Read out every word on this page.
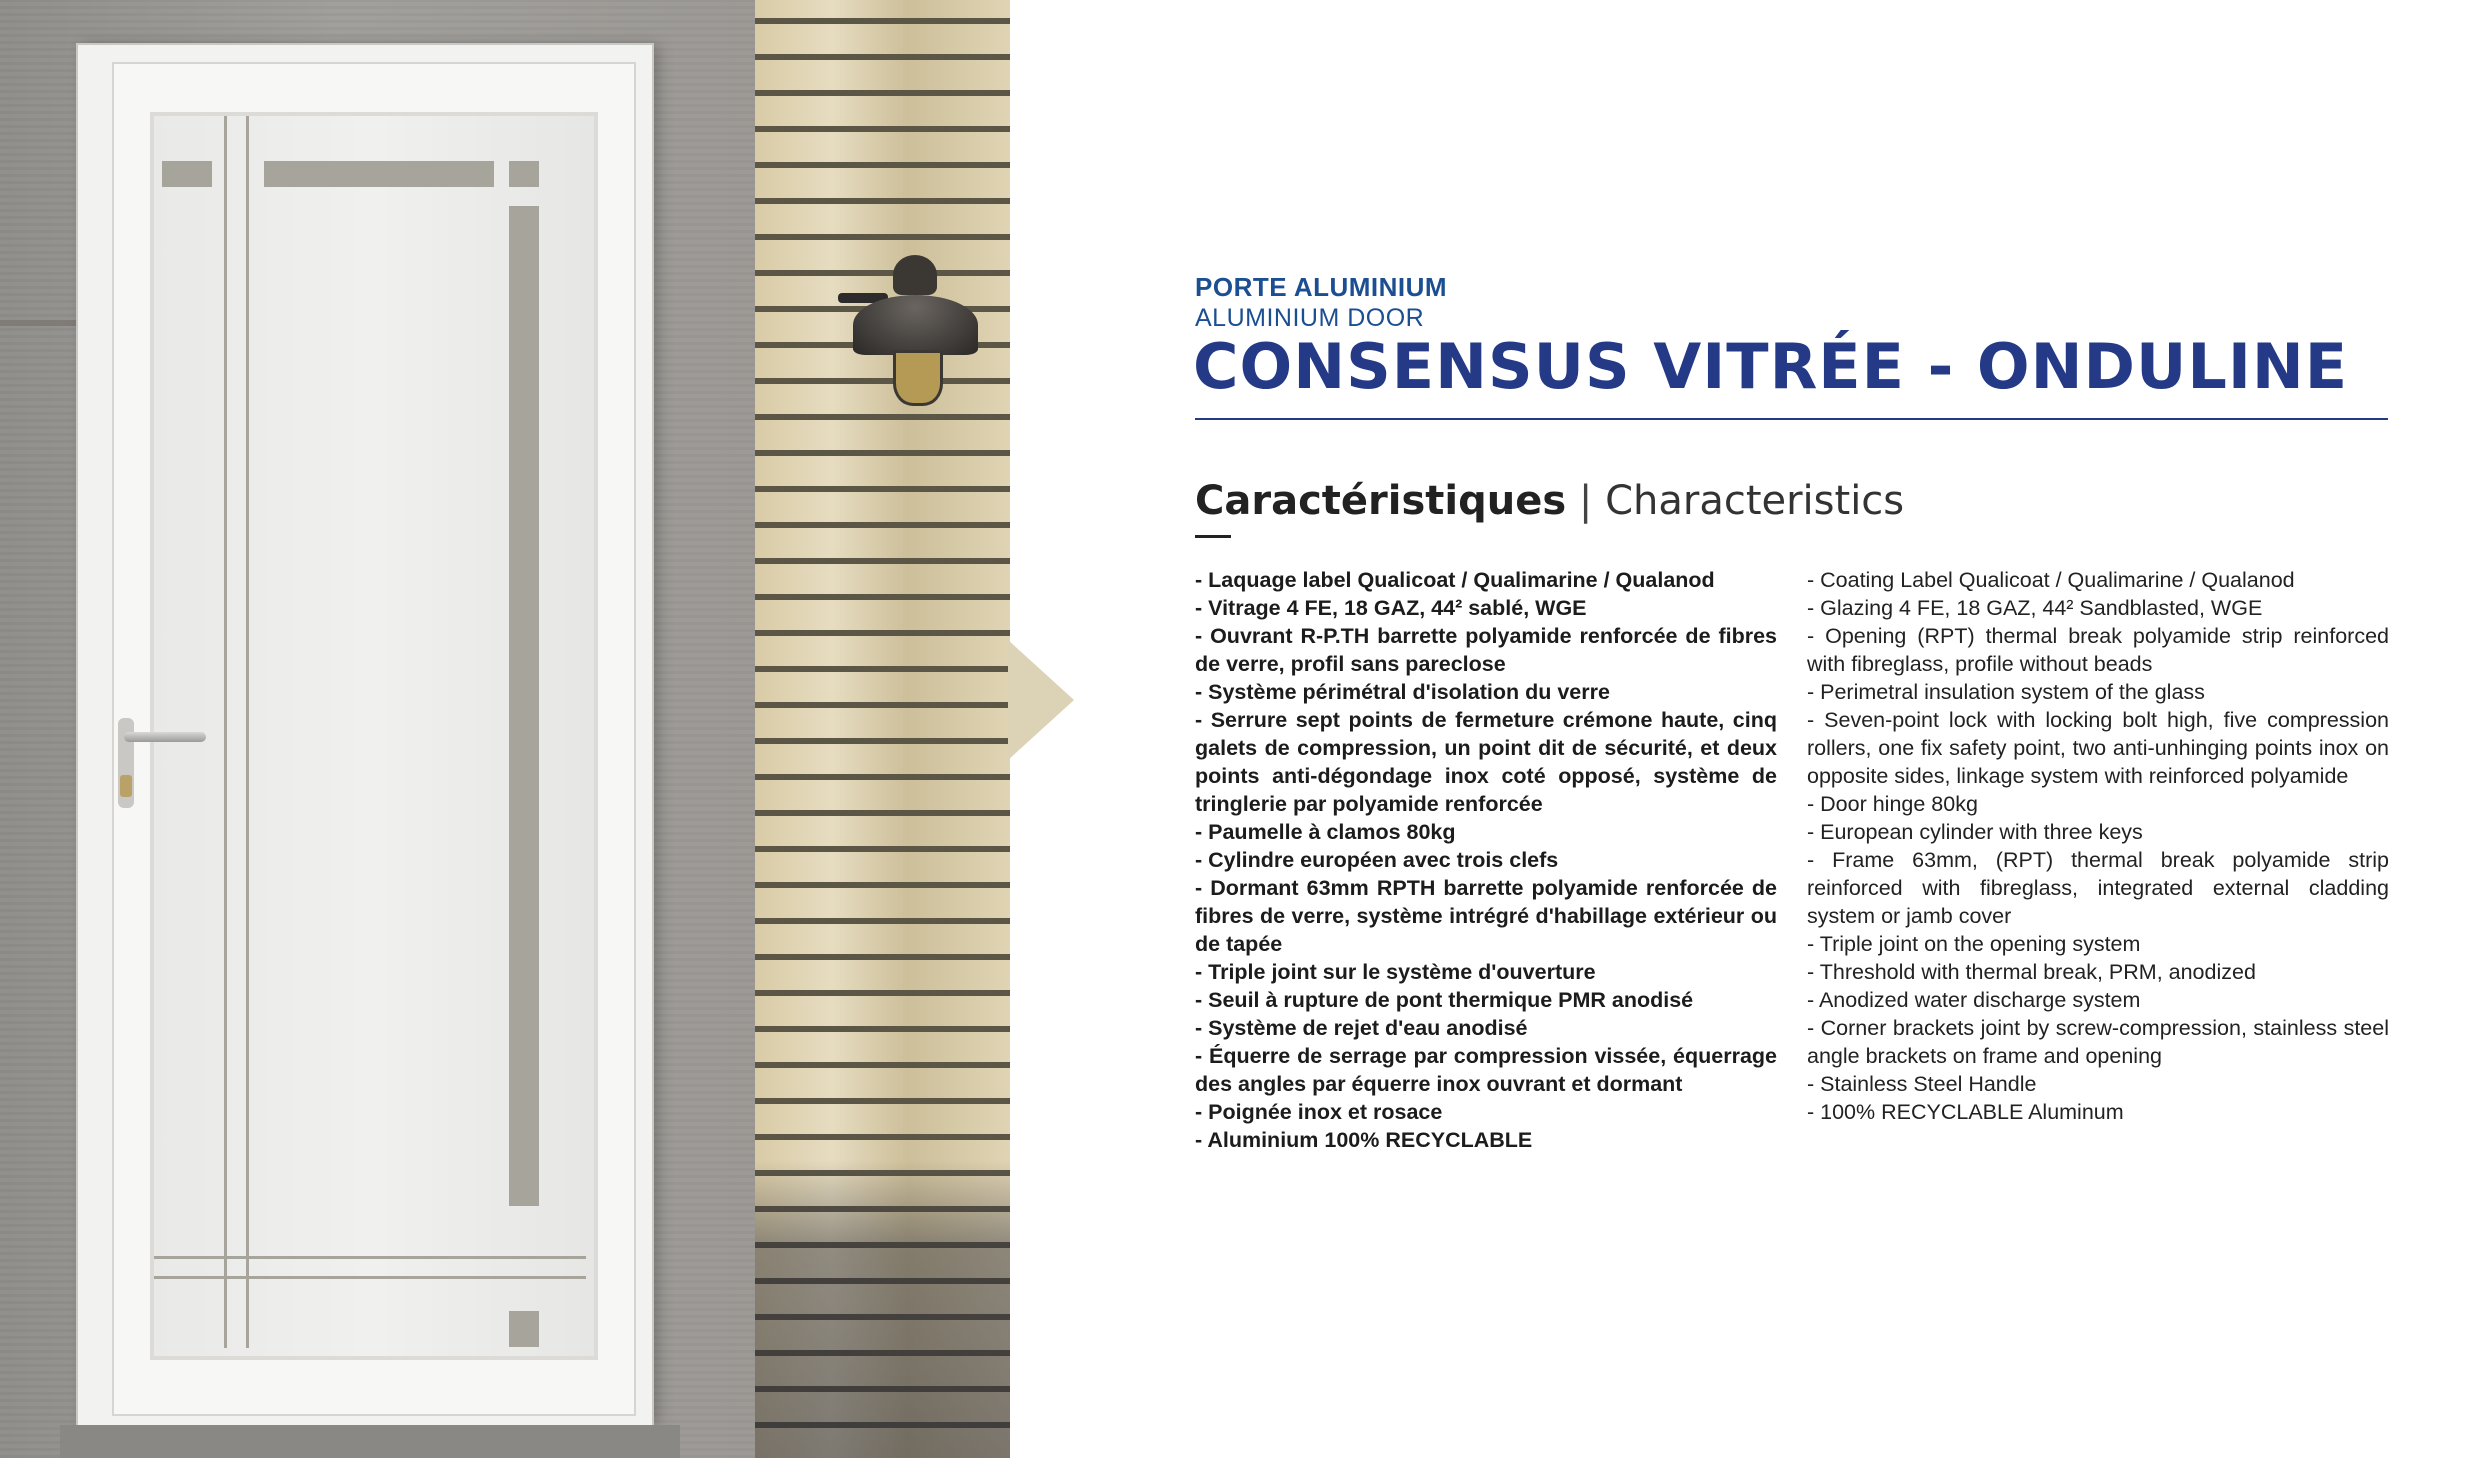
PORTE ALUMINIUM
ALUMINIUM DOOR
CONSENSUS VITRÉE - ONDULINE
Caractéristiques | Characteristics
- Laquage label Qualicoat / Qualimarine / Qualanod
- Vitrage 4 FE, 18 GAZ, 44² sablé, WGE
- Ouvrant R-P.TH barrette polyamide renforcée de fibres de verre, profil sans pareclose
- Système périmétral d'isolation du verre
- Serrure sept points de fermeture crémone haute, cinq galets de compression, un point dit de sécurité, et deux points anti-dégondage inox coté opposé, système de tringlerie par polyamide renforcée
- Paumelle à clamos 80kg
- Cylindre européen avec trois clefs
- Dormant 63mm RPTH barrette polyamide renforcée de fibres de verre, système intrégré d'habillage extérieur ou de tapée
- Triple joint sur le système d'ouverture
- Seuil à rupture de pont thermique PMR anodisé
- Système de rejet d'eau anodisé
- Équerre de serrage par compression vissée, équerrage des angles par équerre inox ouvrant et dormant
- Poignée inox et rosace
- Aluminium 100% RECYCLABLE
- Coating Label Qualicoat / Qualimarine / Qualanod
- Glazing 4 FE, 18 GAZ, 44² Sandblasted, WGE
- Opening (RPT) thermal break polyamide strip reinforced with fibreglass, profile without beads
- Perimetral insulation system of the glass
- Seven-point lock with locking bolt high, five compression rollers, one fix safety point, two anti-unhinging points inox on opposite sides, linkage system with reinforced polyamide
- Door hinge 80kg
- European cylinder with three keys
- Frame 63mm, (RPT) thermal break polyamide strip reinforced with fibreglass, integrated external cladding system or jamb cover
- Triple joint on the opening system
- Threshold with thermal break, PRM, anodized
- Anodized water discharge system
- Corner brackets joint by screw-compression, stainless steel angle brackets on frame and opening
- Stainless Steel Handle
- 100% RECYCLABLE Aluminum
